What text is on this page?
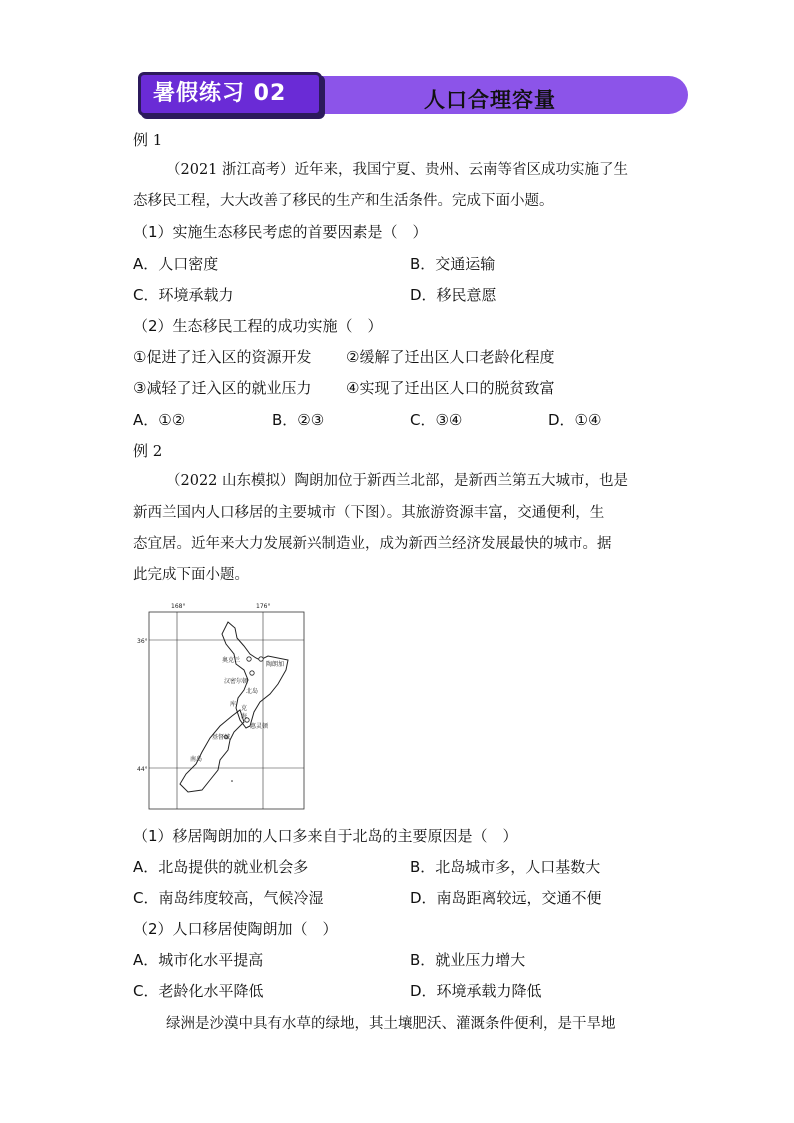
暑假练习 02	人口合理容量
例 1
（2021 浙江高考）近年来，我国宁夏、贵州、云南等省区成功实施了生
态移民工程，大大改善了移民的生产和生活条件。完成下面小题。
（1）实施生态移民考虑的首要因素是（　）
A．人口密度	B．交通运输
C．环境承载力	D．移民意愿
（2）生态移民工程的成功实施（　）
①促进了迁入区的资源开发 ②缓解了迁出区人口老龄化程度
③减轻了迁入区的就业压力 ④实现了迁出区人口的脱贫致富
A．①②	B．②③	C．③④	D．①④
例 2
（2022 山东模拟）陶朗加位于新西兰北部，是新西兰第五大城市，也是
新西兰国内人口移居的主要城市（下图）。其旅游资源丰富，交通便利，生
态宜居。近年来大力发展新兴制造业，成为新西兰经济发展最快的城市。据
此完成下面小题。
168°	176°
36°
44°
奥克兰
陶朗加
汉密尔顿
北岛
库
克
海
惠灵顿
基督城
南岛
（1）移居陶朗加的人口多来自于北岛的主要原因是（　）
A．北岛提供的就业机会多	B．北岛城市多，人口基数大
C．南岛纬度较高，气候冷湿	D．南岛距离较远，交通不便
（2）人口移居使陶朗加（　）
A．城市化水平提高	B．就业压力增大
C．老龄化水平降低	D．环境承载力降低
绿洲是沙漠中具有水草的绿地，其土壤肥沃、灌溉条件便利，是干旱地
